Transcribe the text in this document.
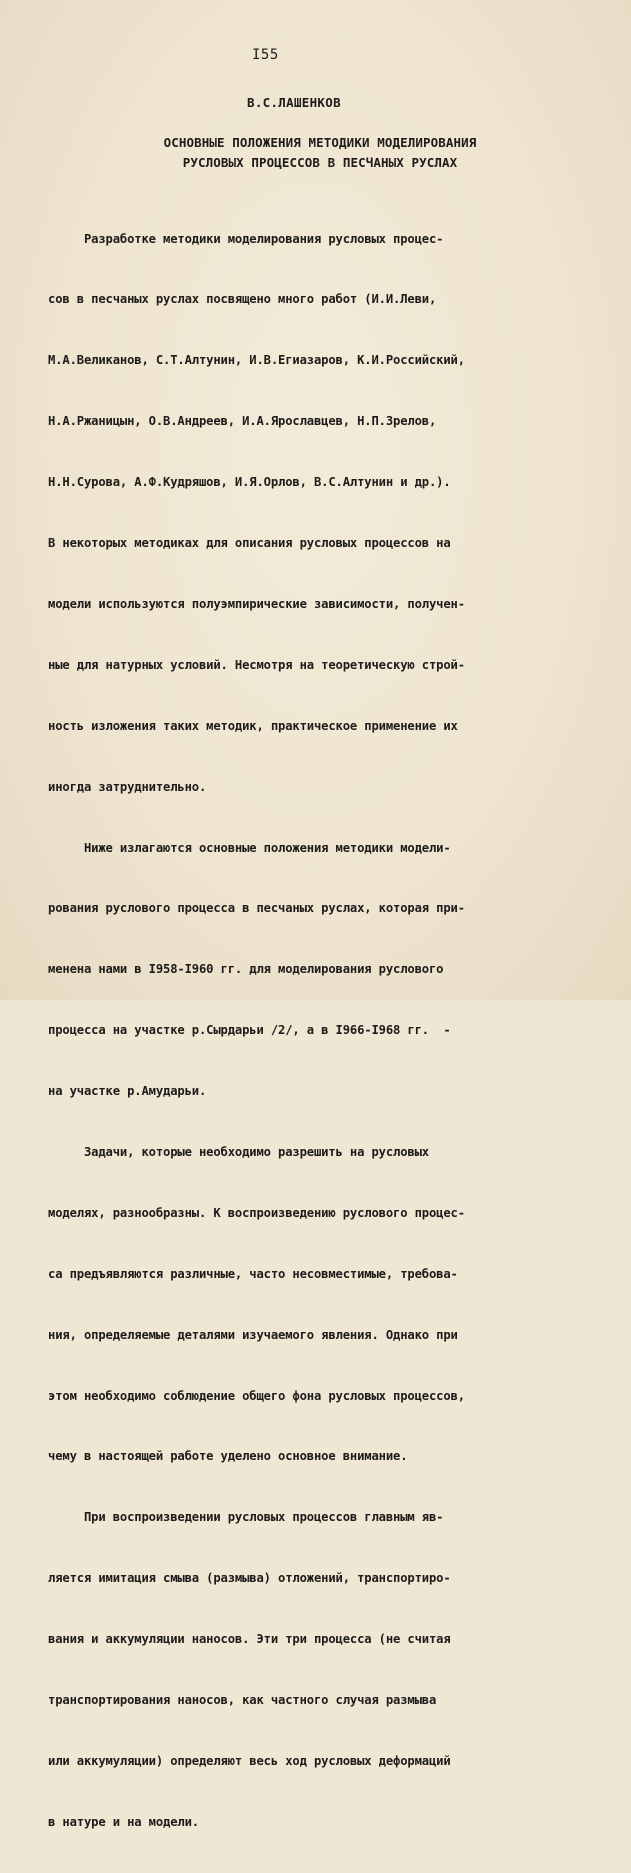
I55
В.С.ЛАШЕНКОВ
ОСНОВНЫЕ ПОЛОЖЕНИЯ МЕТОДИКИ МОДЕЛИРОВАНИЯ
РУСЛОВЫХ ПРОЦЕССОВ В ПЕСЧАНЫХ РУСЛАХ

Разработке методики моделирования русловых процес-

сов в песчаных руслах посвящено много работ (И.И.Леви,

М.А.Великанов, С.Т.Алтунин, И.В.Егиазаров, К.И.Российский,

Н.А.Ржаницын, О.В.Андреев, И.А.Ярославцев, Н.П.Зрелов,

Н.Н.Сурова, А.Ф.Кудряшов, И.Я.Орлов, В.С.Алтунин и др.).

В некоторых методиках для описания русловых процессов на

модели используются полуэмпирические зависимости, получен-

ные для натурных условий. Несмотря на теоретическую строй-

ность изложения таких методик, практическое применение их

иногда затруднительно.

Ниже излагаются основные положения методики модели-

рования руслового процесса в песчаных руслах, которая при-

менена нами в I958-I960 гг. для моделирования руслового

процесса на участке р.Сырдарьи /2/, а в I966-I968 гг.  -

на участке р.Амударьи.

Задачи, которые необходимо разрешить на русловых

моделях, разнообразны. К воспроизведению руслового процес-

са предъявляются различные, часто несовместимые, требова-

ния, определяемые деталями изучаемого явления. Однако при

этом необходимо соблюдение общего фона русловых процессов,

чему в настоящей работе уделено основное внимание.

При воспроизведении русловых процессов главным яв-

ляется имитация смыва (размыва) отложений, транспортиро-

вания и аккумуляции наносов. Эти три процесса (не считая

транспортирования наносов, как частного случая размыва

или аккумуляции) определяют весь ход русловых деформаций

в натуре и на модели.
